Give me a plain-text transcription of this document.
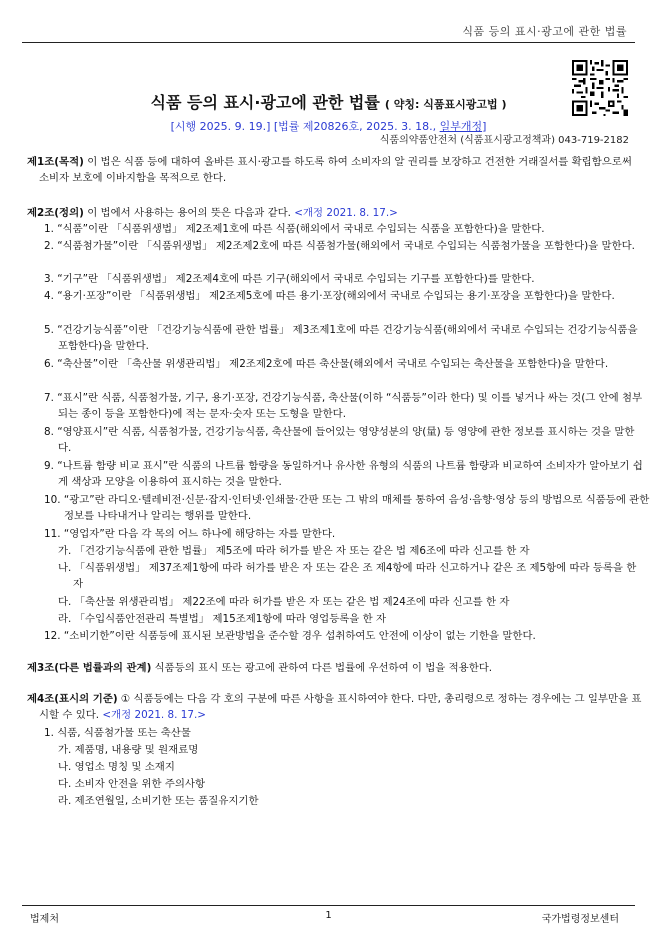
식품 등의 표시·광고에 관한 법률
식품 등의 표시·광고에 관한 법률 ( 약칭: 식품표시광고법 )
[시행 2025. 9. 19.] [법률 제20826호, 2025. 3. 18., 일부개정]
식품의약품안전처 (식품표시광고정책과) 043-719-2182
제1조(목적) 이 법은 식품 등에 대하여 올바른 표시·광고를 하도록 하여 소비자의 알 권리를 보장하고 건전한 거래질서를 확립함으로써 소비자 보호에 이바지함을 목적으로 한다.
제2조(정의) 이 법에서 사용하는 용어의 뜻은 다음과 같다. <개정 2021. 8. 17.>
1. “식품”이란 「식품위생법」 제2조제1호에 따른 식품(해외에서 국내로 수입되는 식품을 포함한다)을 말한다.
2. “식품첨가물”이란 「식품위생법」 제2조제2호에 따른 식품첨가물(해외에서 국내로 수입되는 식품첨가물을 포함한다)을 말한다.
3. “기구”란 「식품위생법」 제2조제4호에 따른 기구(해외에서 국내로 수입되는 기구를 포함한다)를 말한다.
4. “용기·포장”이란 「식품위생법」 제2조제5호에 따른 용기·포장(해외에서 국내로 수입되는 용기·포장을 포함한다)을 말한다.
5. “건강기능식품”이란 「건강기능식품에 관한 법률」 제3조제1호에 따른 건강기능식품(해외에서 국내로 수입되는 건강기능식품을 포함한다)을 말한다.
6. “축산물”이란 「축산물 위생관리법」 제2조제2호에 따른 축산물(해외에서 국내로 수입되는 축산물을 포함한다)을 말한다.
7. “표시”란 식품, 식품첨가물, 기구, 용기·포장, 건강기능식품, 축산물(이하 “식품등”이라 한다) 및 이를 넣거나 싸는 것(그 안에 첨부되는 종이 등을 포함한다)에 적는 문자·숫자 또는 도형을 말한다.
8. “영양표시”란 식품, 식품첨가물, 건강기능식품, 축산물에 들어있는 영양성분의 양(量) 등 영양에 관한 정보를 표시하는 것을 말한다.
9. “나트륨 함량 비교 표시”란 식품의 나트륨 함량을 동일하거나 유사한 유형의 식품의 나트륨 함량과 비교하여 소비자가 알아보기 쉽게 색상과 모양을 이용하여 표시하는 것을 말한다.
10. “광고”란 라디오·텔레비전·신문·잡지·인터넷·인쇄물·간판 또는 그 밖의 매체를 통하여 음성·음향·영상 등의 방법으로 식품등에 관한 정보를 나타내거나 알리는 행위를 말한다.
11. “영업자”란 다음 각 목의 어느 하나에 해당하는 자를 말한다.
가. 「건강기능식품에 관한 법률」 제5조에 따라 허가를 받은 자 또는 같은 법 제6조에 따라 신고를 한 자
나. 「식품위생법」 제37조제1항에 따라 허가를 받은 자 또는 같은 조 제4항에 따라 신고하거나 같은 조 제5항에 따라 등록을 한 자
다. 「축산물 위생관리법」 제22조에 따라 허가를 받은 자 또는 같은 법 제24조에 따라 신고를 한 자
라. 「수입식품안전관리 특별법」 제15조제1항에 따라 영업등록을 한 자
12. “소비기한”이란 식품등에 표시된 보관방법을 준수할 경우 섭취하여도 안전에 이상이 없는 기한을 말한다.
제3조(다른 법률과의 관계) 식품등의 표시 또는 광고에 관하여 다른 법률에 우선하여 이 법을 적용한다.
제4조(표시의 기준) ① 식품등에는 다음 각 호의 구분에 따른 사항을 표시하여야 한다. 다만, 총리령으로 정하는 경우에는 그 일부만을 표시할 수 있다. <개정 2021. 8. 17.>
1. 식품, 식품첨가물 또는 축산물
가. 제품명, 내용량 및 원재료명
나. 영업소 명칭 및 소재지
다. 소비자 안전을 위한 주의사항
라. 제조연월일, 소비기한 또는 품질유지기한
법제처	1	국가법령정보센터
